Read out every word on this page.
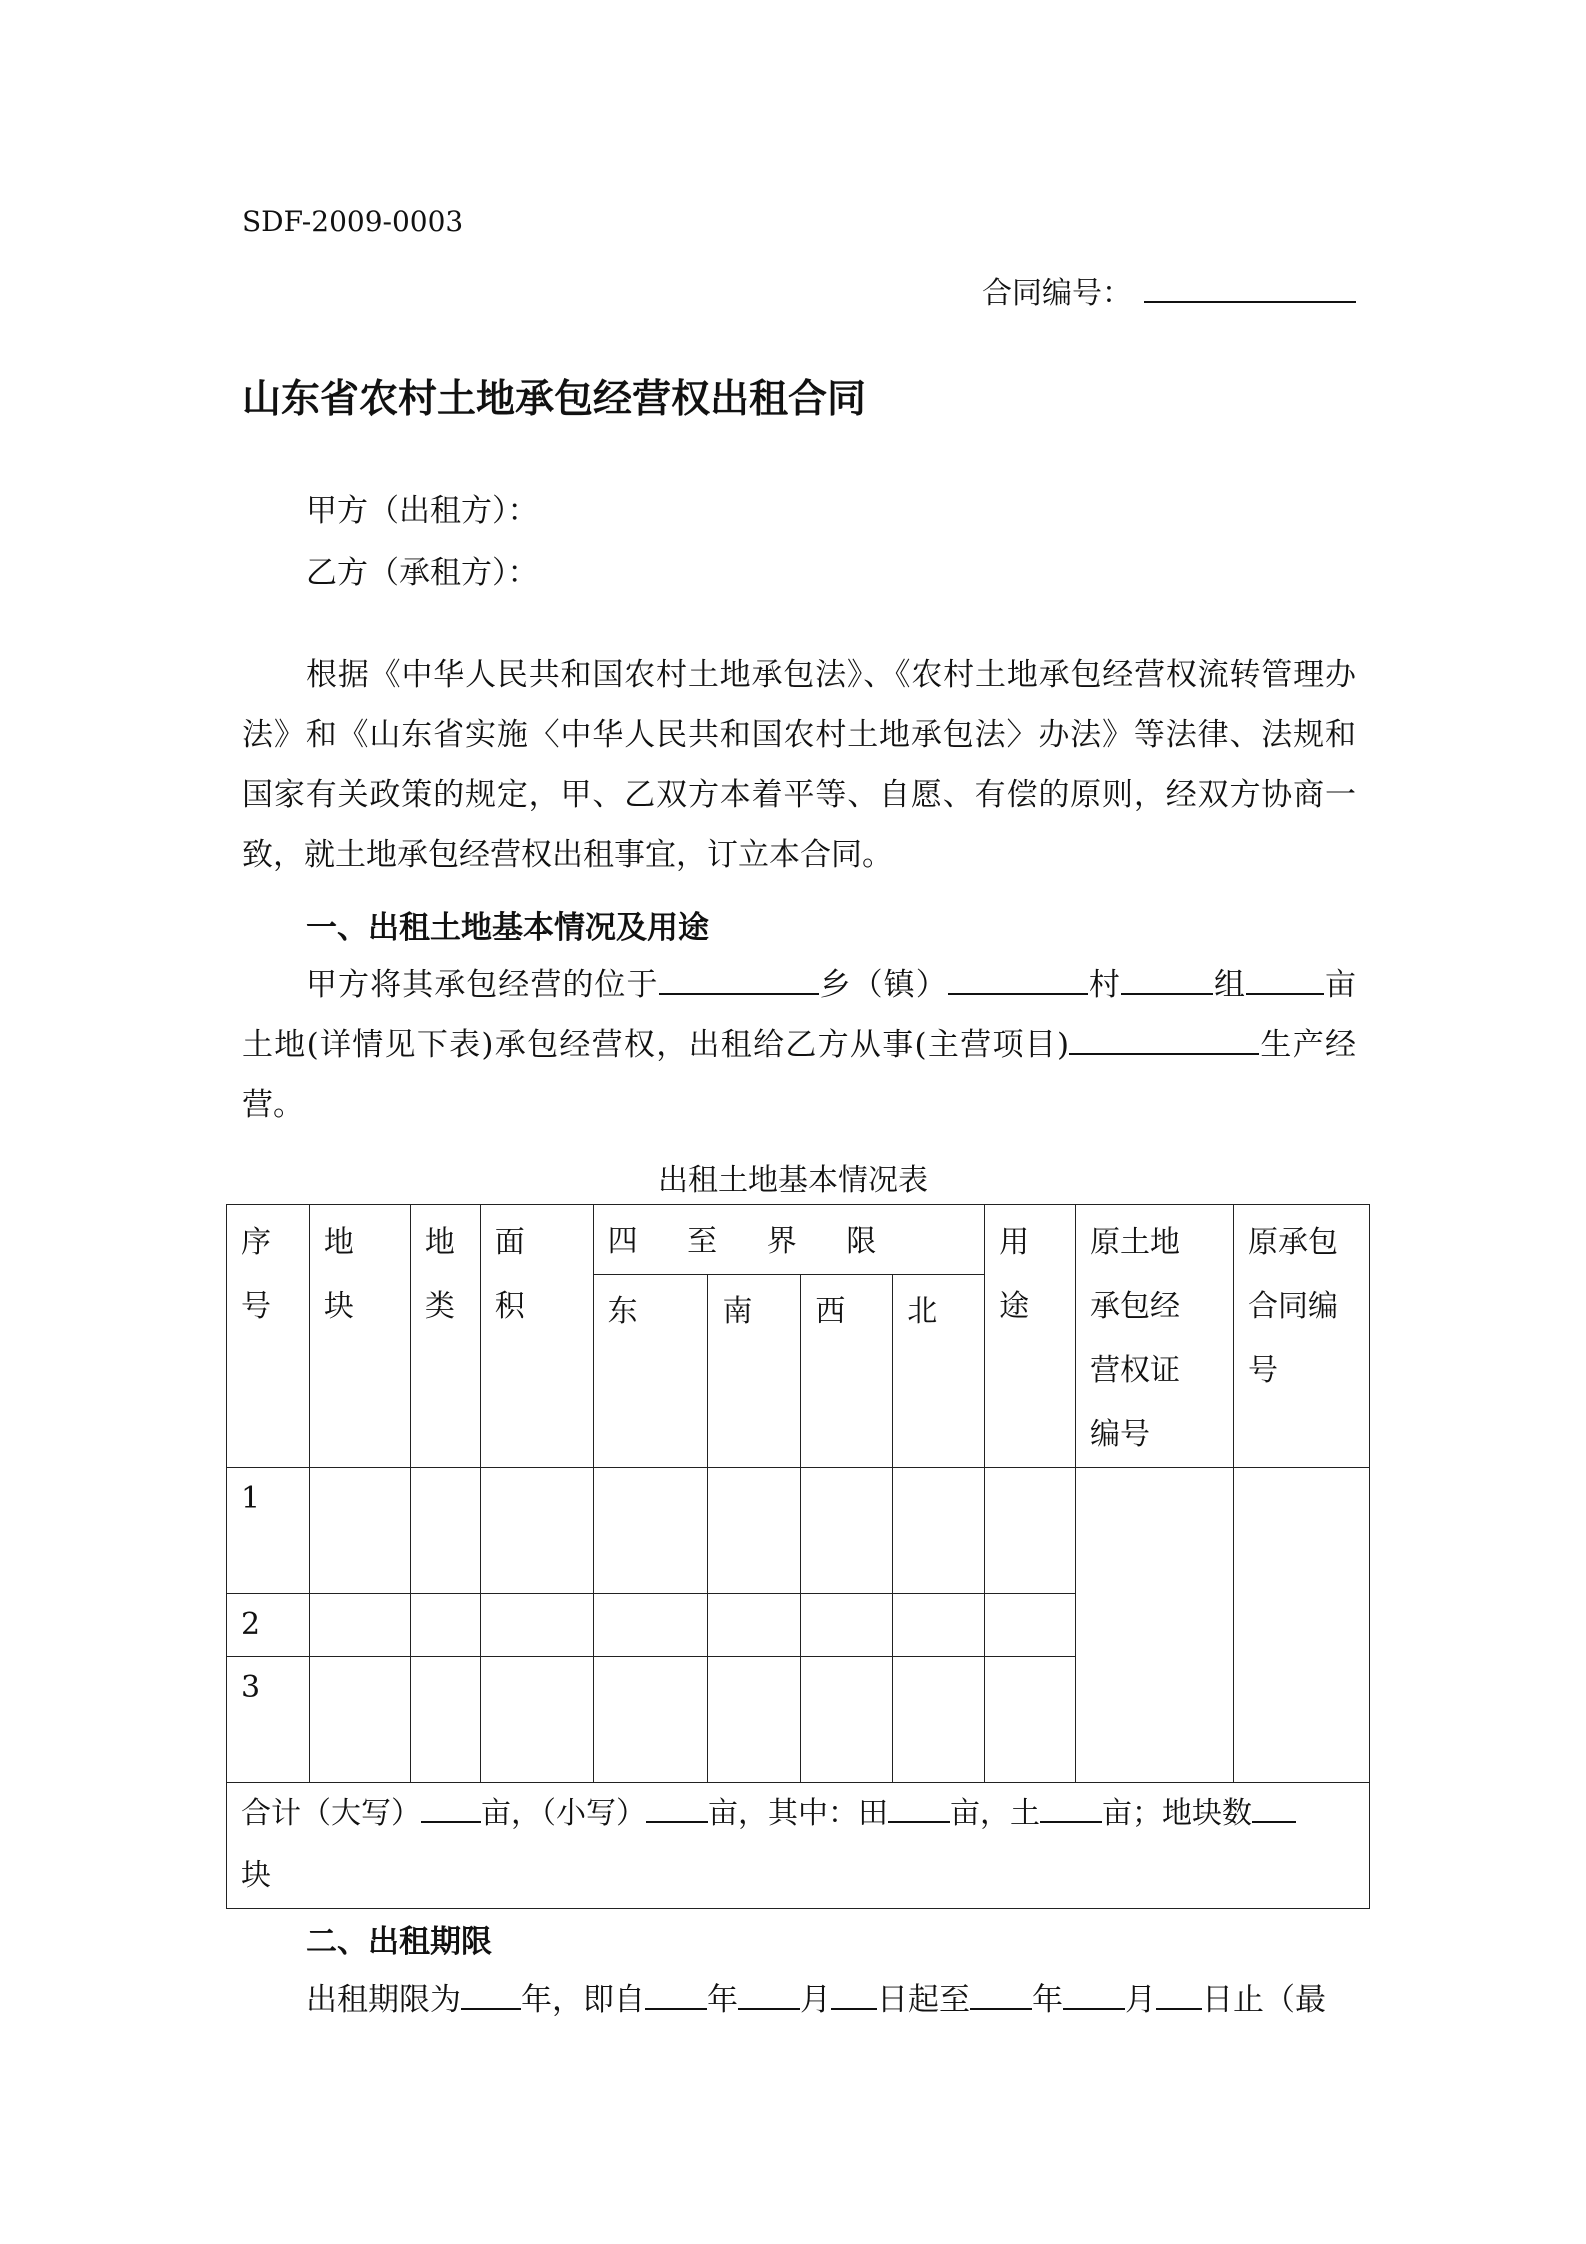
SDF-2009-0003
合同编号：
山东省农村土地承包经营权出租合同
甲方（出租方）：
乙方（承租方）：

根据《中华人民共和国农村土地承包法》、《农村土地承包经营权流转管理办法》和《山东省实施〈中华人民共和国农村土地承包法〉办法》等法律、法规和国家有关政策的规定，甲、乙双方本着平等、自愿、有偿的原则，经双方协商一致，就土地承包经营权出租事宜，订立本合同。

一、出租土地基本情况及用途

甲方将其承包经营的位于	乡（镇）	村	组	亩土地(详情见下表)承包经营权，出租给乙方从事(主营项目)	生产经营。

出租土地基本情况表
序号	地块	地类	面积	四 至 界 限				用途	原土地承包经营权证编号	原承包合同编号

				东	南	西	北			
1										
2										
3										

合计（大写） 亩，（小写） 亩，其中：田 亩，土 亩；地块数
块										
二、出租期限

出租期限为 年，即自 年 月 日起至 年 月 日止（最
